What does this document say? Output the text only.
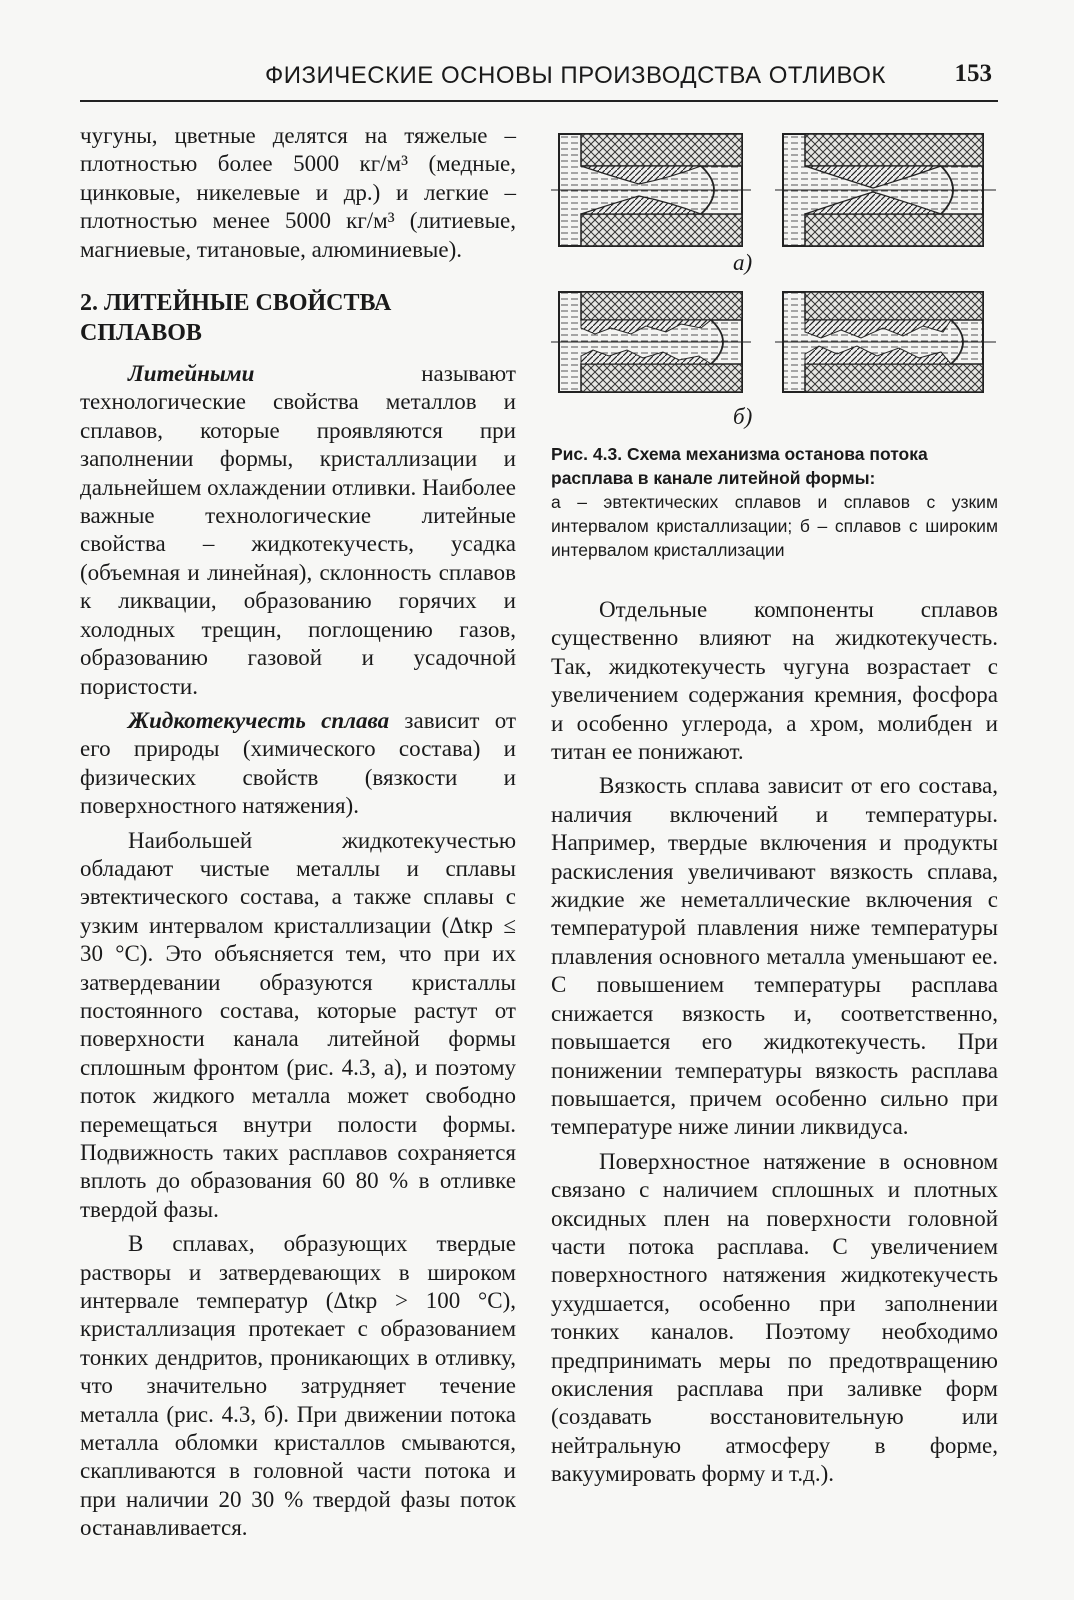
ФИЗИЧЕСКИЕ ОСНОВЫ ПРОИЗВОДСТВА ОТЛИВОК	153

чугуны, цветные делятся на тяжелые – плотностью более 5000 кг/м³ (медные, цинковые, никелевые и др.) и легкие – плотностью менее 5000 кг/м³ (литиевые, магниевые, титановые, алюминиевые).

2. ЛИТЕЙНЫЕ СВОЙСТВА
СПЛАВОВ

Литейными называют технологические свойства металлов и сплавов, которые проявляются при заполнении формы, кристаллизации и дальнейшем охлаждении отливки. Наиболее важные технологические литейные свойства – жидкотекучесть, усадка (объемная и линейная), склонность сплавов к ликвации, образованию горячих и холодных трещин, поглощению газов, образованию газовой и усадочной пористости.

Жидкотекучесть сплава зависит от его природы (химического состава) и физических свойств (вязкости и поверхностного натяжения).

Наибольшей жидкотекучестью обладают чистые металлы и сплавы эвтектического состава, а также сплавы с узким интервалом кристаллизации (Δtкр ≤ 30 °С). Это объясняется тем, что при их затвердевании образуются кристаллы постоянного состава, которые растут от поверхности канала литейной формы сплошным фронтом (рис. 4.3, а), и поэтому поток жидкого металла может свободно перемещаться внутри полости формы. Подвижность таких расплавов сохраняется вплоть до образования 60 80 % в отливке твердой фазы.

В сплавах, образующих твердые растворы и затвердевающих в широком интервале температур (Δtкр > 100 °С), кристаллизация протекает с образованием тонких дендритов, проникающих в отливку, что значительно затрудняет течение металла (рис. 4.3, б). При движении потока металла обломки кристаллов смываются, скапливаются в головной части потока и при наличии 20 30 % твердой фазы поток останавливается.

а)
б)
Рис. 4.3. Схема механизма останова потока расплава в канале литейной формы:
а – эвтектических сплавов и сплавов с узким интервалом кристаллизации; б – сплавов с широким интервалом кристаллизации

Отдельные компоненты сплавов существенно влияют на жидкотекучесть. Так, жидкотекучесть чугуна возрастает с увеличением содержания кремния, фосфора и особенно углерода, а хром, молибден и титан ее понижают.

Вязкость сплава зависит от его состава, наличия включений и температуры. Например, твердые включения и продукты раскисления увеличивают вязкость сплава, жидкие же неметаллические включения с температурой плавления ниже температуры плавления основного металла уменьшают ее. С повышением температуры расплава снижается вязкость и, соответственно, повышается его жидкотекучесть. При понижении температуры вязкость расплава повышается, причем особенно сильно при температуре ниже линии ликвидуса.

Поверхностное натяжение в основном связано с наличием сплошных и плотных оксидных плен на поверхности головной части потока расплава. С увеличением поверхностного натяжения жидкотекучесть ухудшается, особенно при заполнении тонких каналов. Поэтому необходимо предпринимать меры по предотвращению окисления расплава при заливке форм (создавать восстановительную или нейтральную атмосферу в форме, вакуумировать форму и т.д.).
